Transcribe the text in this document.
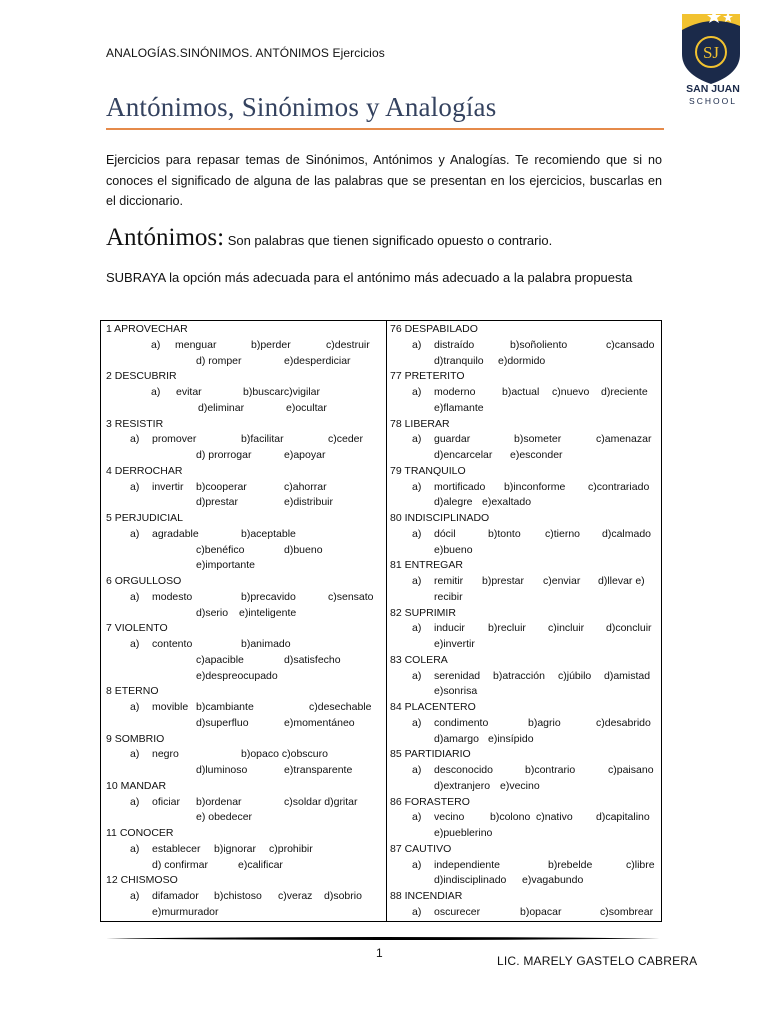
ANALOGÍAS.SINÓNIMOS. ANTÓNIMOS Ejercicios	SJ
SAN JUAN
SCHOOL
Antónimos, Sinónimos y Analogías
Ejercicios para repasar temas de Sinónimos, Antónimos y Analogías. Te recomiendo que si no conoces el significado de alguna de las palabras que se presentan en los ejercicios, buscarlas en el diccionario.
Antónimos: Son palabras que tienen significado opuesto o contrario.
SUBRAYA la opción más adecuada para el antónimo más adecuado a la palabra propuesta
1 APROVECHAR
a) menguar	b)perder	c)destruir
d) romper	e)desperdiciar
2 DESCUBRIR
a) evitar	b)buscarc)vigilar
d)eliminar	e)ocultar
3 RESISTIR
a) promover	b)facilitar	c)ceder
d) prorrogar	e)apoyar
4 DERROCHAR
a) invertir b)cooperar	c)ahorrar
d)prestar	e)distribuir
5 PERJUDICIAL
a) agradable	b)aceptable
c)benéfico	d)bueno
e)importante
6 ORGULLOSO
a) modesto	b)precavido	c)sensato
d)serio e)inteligente
7 VIOLENTO
a) contento	b)animado
c)apacible	d)satisfecho
e)despreocupado
8 ETERNO
a) movible b)cambiante	c)desechable
d)superfluo	e)momentáneo
9 SOMBRIO
a) negro	b)opaco c)obscuro
d)luminoso	e)transparente
10 MANDAR
a) oficiar b)ordenar	c)soldar d)gritar
e) obedecer
11 CONOCER
a) establecer b)ignorar c)prohibir
d) confirmar	e)calificar
12 CHISMOSO
a) difamador b)chistoso c)veraz d)sobrio
e)murmurador
76 DESPABILADO
a) distraído	b)soñoliento	c)cansado
d)tranquilo e)dormido
77 PRETERITO
a) moderno	b)actual c)nuevo d)reciente
e)flamante
78 LIBERAR
a) guardar	b)someter	c)amenazar
d)encarcelar e)esconder
79 TRANQUILO
a) mortificado b)inconforme c)contrariado
d)alegre e)exaltado
80 INDISCIPLINADO
a) dócil	b)tonto c)tierno d)calmado
e)bueno
81 ENTREGAR
a) remitir b)prestar c)enviar d)llevar e)
recibir
82 SUPRIMIR
a) inducir b)recluir c)incluir d)concluir
e)invertir
83 COLERA
a) serenidad b)atracción c)júbilo d)amistad
e)sonrisa
84 PLACENTERO
a) condimento	b)agrio	c)desabrido
d)amargo e)insípido
85 PARTIDIARIO
a) desconocido	b)contrario	c)paisano
d)extranjero e)vecino
86 FORASTERO
a) vecino b)colono c)nativo d)capitalino
e)pueblerino
87 CAUTIVO
a) independiente	b)rebelde	c)libre
d)indisciplinado e)vagabundo
88 INCENDIAR
a) oscurecer	b)opacar	c)sombrear
1
LIC. MARELY GASTELO CABRERA
